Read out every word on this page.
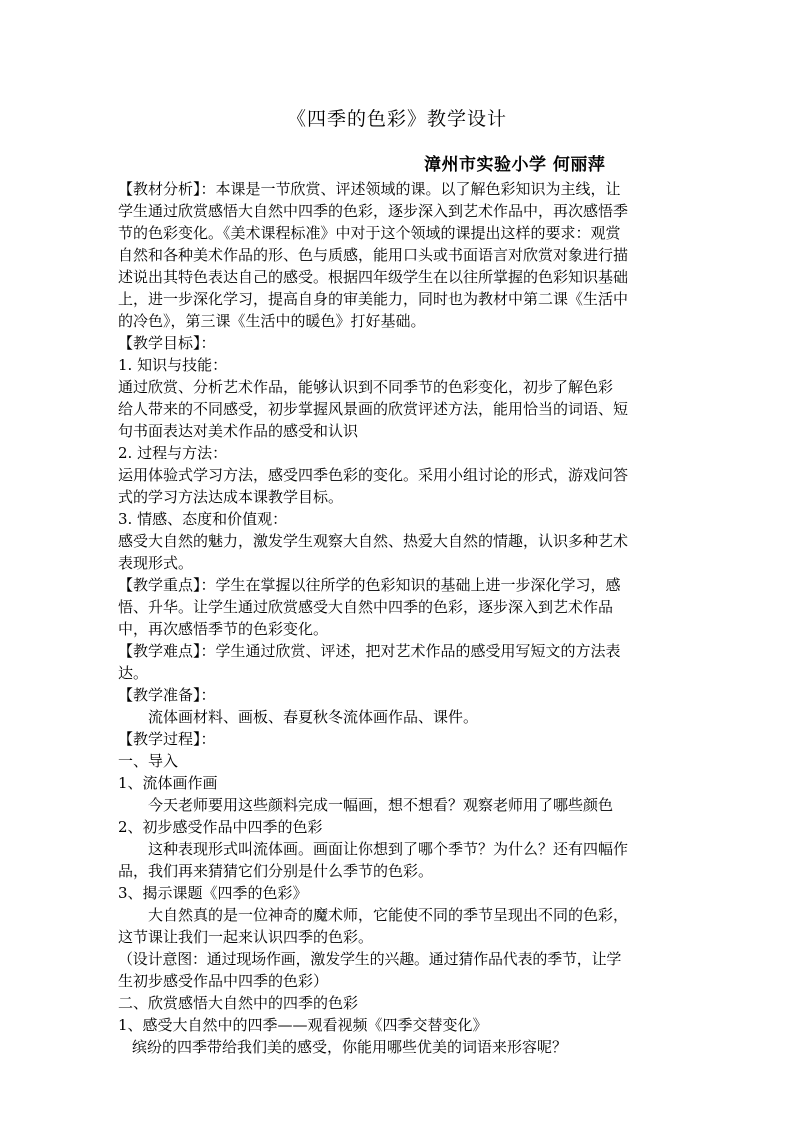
《四季的色彩》教学设计
漳州市实验小学 何丽萍
【教材分析】：本课是一节欣赏、评述领域的课。以了解色彩知识为主线，让
学生通过欣赏感悟大自然中四季的色彩，逐步深入到艺术作品中，再次感悟季
节的色彩变化。《美术课程标准》中对于这个领域的课提出这样的要求：观赏
自然和各种美术作品的形、色与质感，能用口头或书面语言对欣赏对象进行描
述说出其特色表达自己的感受。根据四年级学生在以往所掌握的色彩知识基础
上，进一步深化学习，提高自身的审美能力，同时也为教材中第二课《生活中
的冷色》，第三课《生活中的暖色》打好基础。
【教学目标】：
1. 知识与技能：
通过欣赏、分析艺术作品，能够认识到不同季节的色彩变化，初步了解色彩
给人带来的不同感受，初步掌握风景画的欣赏评述方法，能用恰当的词语、短
句书面表达对美术作品的感受和认识
2. 过程与方法：
运用体验式学习方法，感受四季色彩的变化。采用小组讨论的形式，游戏问答
式的学习方法达成本课教学目标。
3. 情感、态度和价值观：
感受大自然的魅力，激发学生观察大自然、热爱大自然的情趣，认识多种艺术
表现形式。
【教学重点】：学生在掌握以往所学的色彩知识的基础上进一步深化学习，感
悟、升华。让学生通过欣赏感受大自然中四季的色彩，逐步深入到艺术作品
中，再次感悟季节的色彩变化。
【教学难点】：学生通过欣赏、评述，把对艺术作品的感受用写短文的方法表
达。
【教学准备】：
流体画材料、画板、春夏秋冬流体画作品、课件。
【教学过程】：
一、导入
1、流体画作画
今天老师要用这些颜料完成一幅画，想不想看？观察老师用了哪些颜色
2、初步感受作品中四季的色彩
这种表现形式叫流体画。画面让你想到了哪个季节？为什么？还有四幅作
品，我们再来猜猜它们分别是什么季节的色彩。
3、揭示课题《四季的色彩》
大自然真的是一位神奇的魔术师，它能使不同的季节呈现出不同的色彩，
这节课让我们一起来认识四季的色彩。
（设计意图：通过现场作画，激发学生的兴趣。通过猜作品代表的季节，让学
生初步感受作品中四季的色彩）
二、欣赏感悟大自然中的四季的色彩
1、感受大自然中的四季——观看视频《四季交替变化》
缤纷的四季带给我们美的感受，你能用哪些优美的词语来形容呢？
